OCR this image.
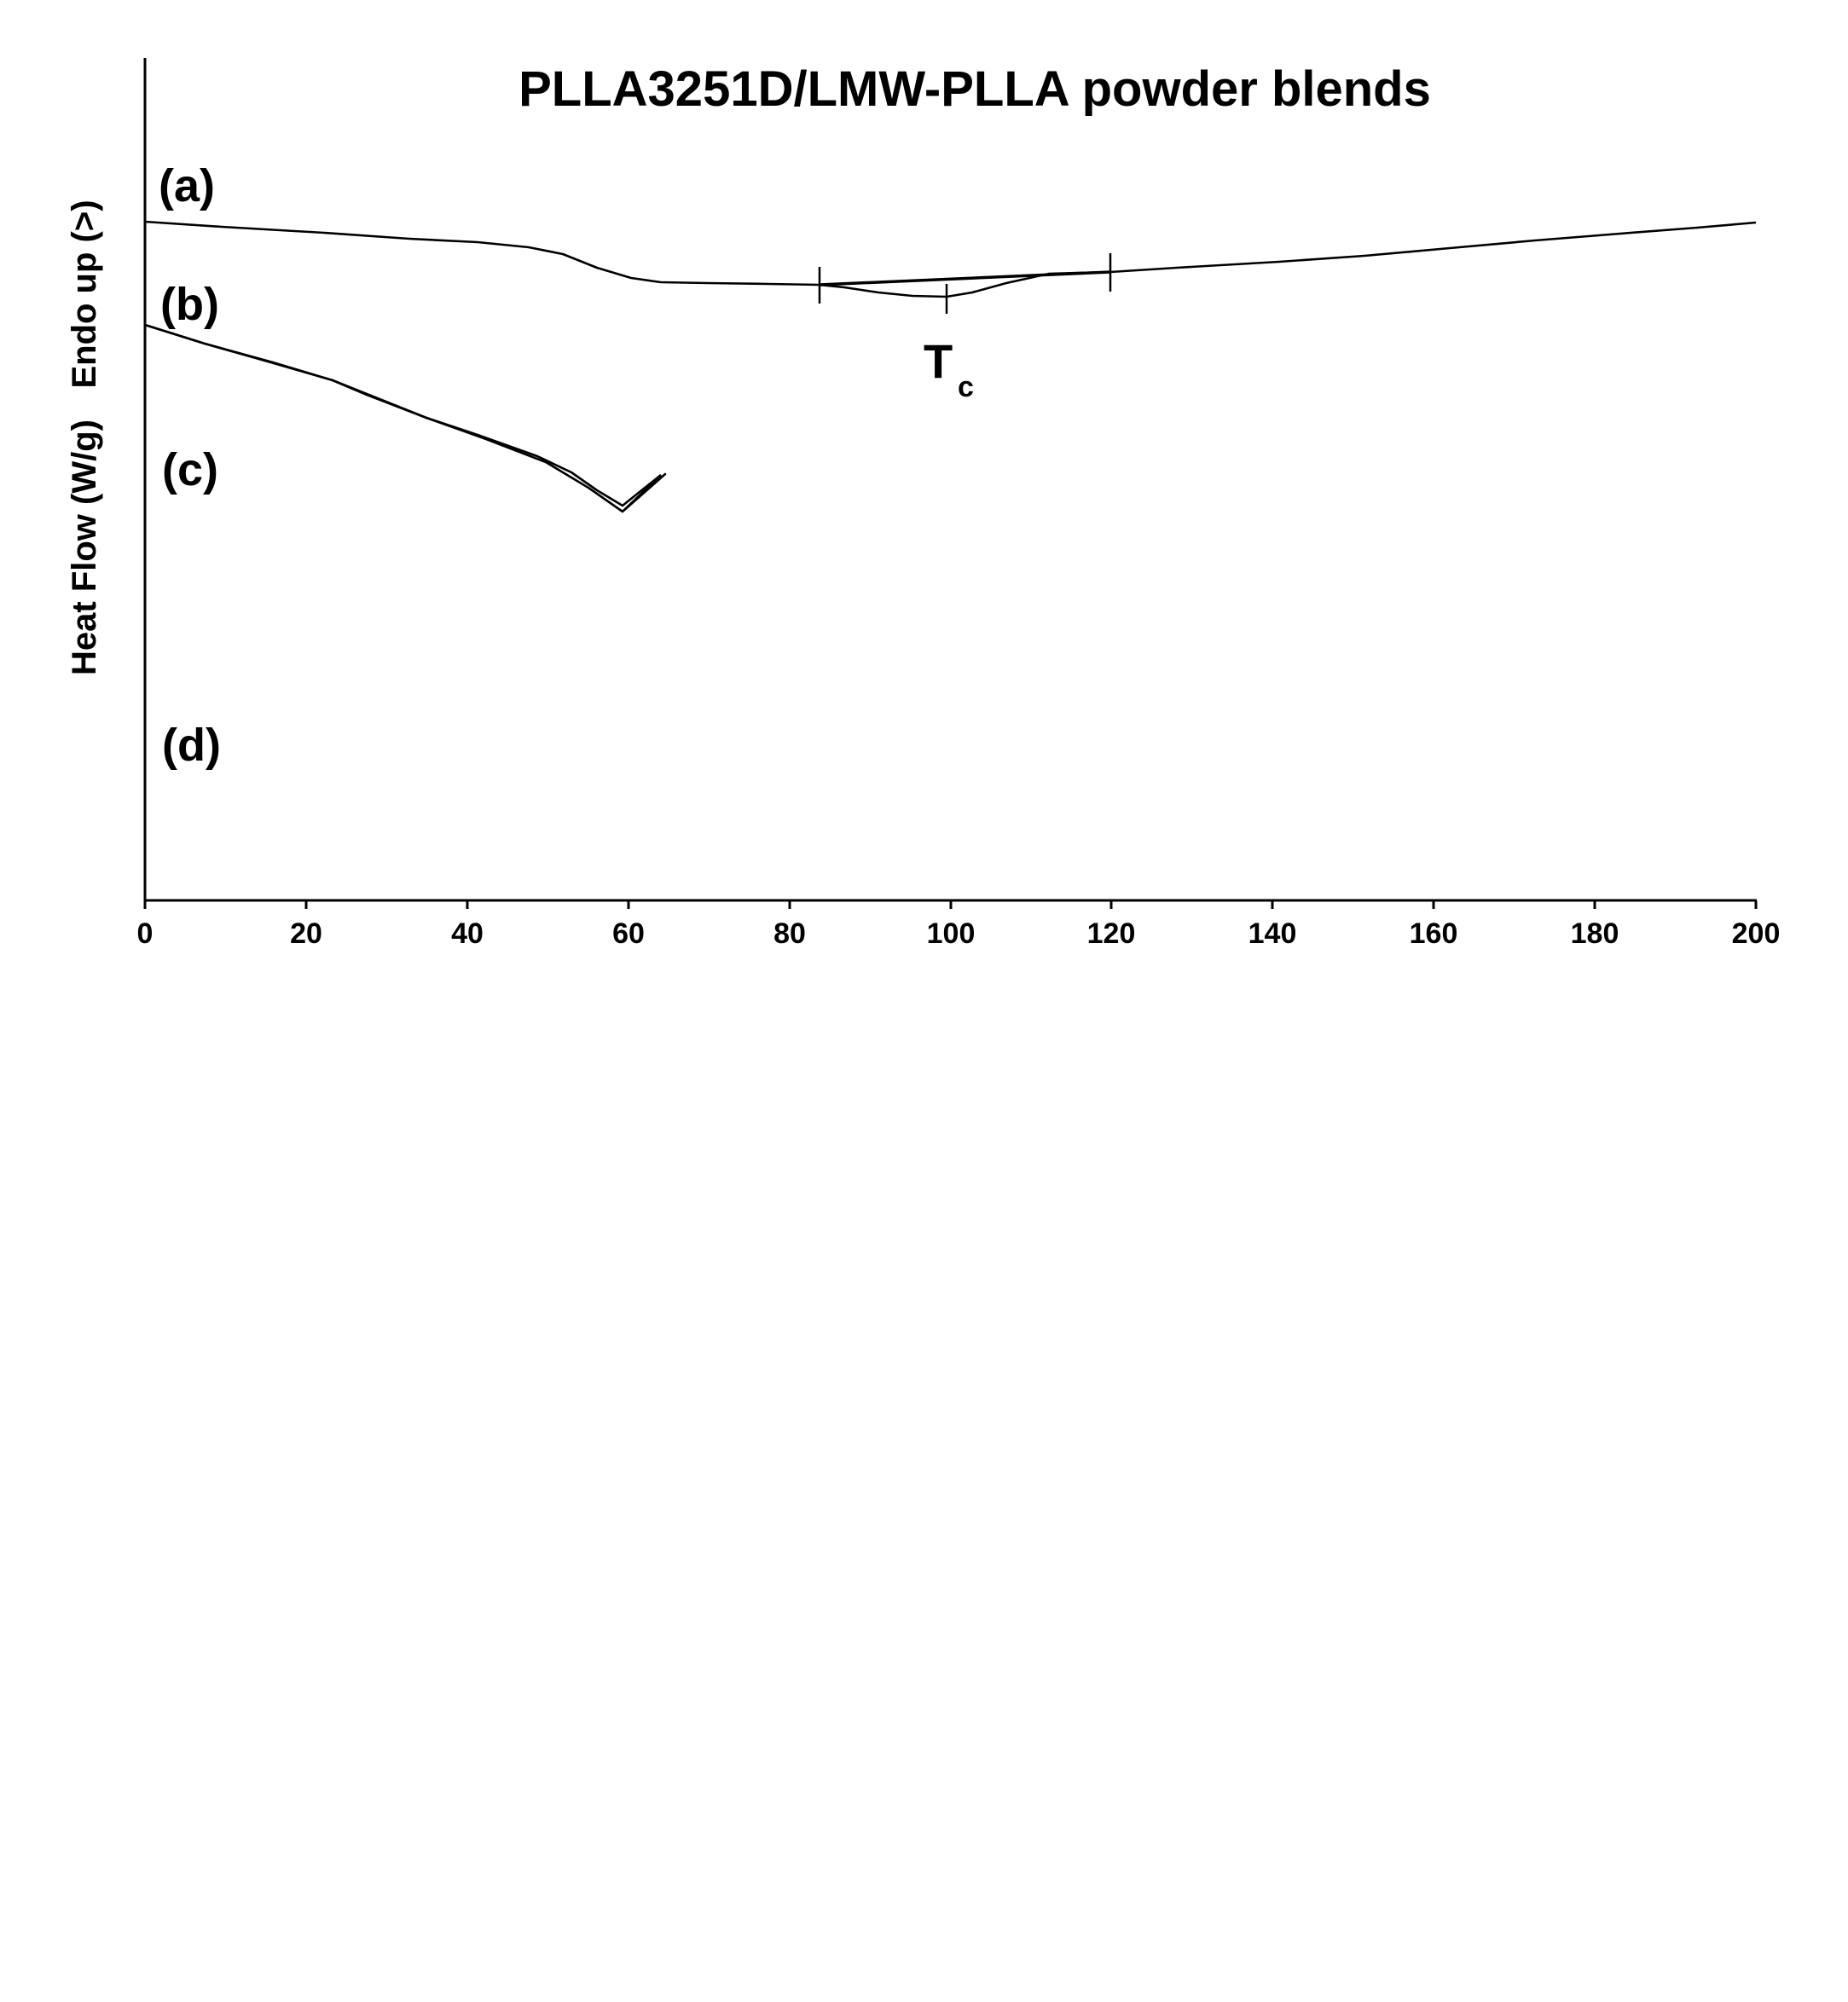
PLLA3251D/LMW-PLLA powder blends
Endo up (>)
Heat Flow (W/g)
0	20	40	60	80	100	120	140	160	180	200
(a)
(b)
(c)
(d)
T c
